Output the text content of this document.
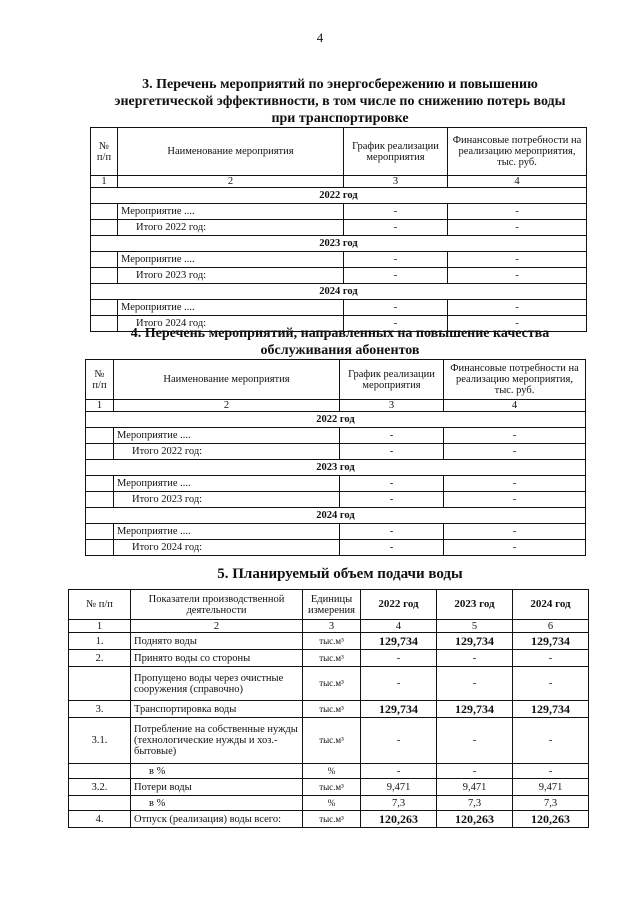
4
3. Перечень мероприятий по энергосбережению и повышению
энергетической эффективности, в том числе по снижению потерь воды
при транспортировке
№ п/п	Наименование мероприятия	График реализации мероприятия	Финансовые потребности на реализацию мероприятия, тыс. руб.
1	2	3	4
2022 год			
	Мероприятие ....	-	-
	Итого 2022 год:	-	-
2023 год			
	Мероприятие ....	-	-
	Итого 2023 год:	-	-
2024 год			
	Мероприятие ....	-	-
	Итого 2024 год:	-	-
4. Перечень мероприятий, направленных на повышение качества
обслуживания абонентов
№ п/п	Наименование мероприятия	График реализации мероприятия	Финансовые потребности на реализацию мероприятия, тыс. руб.
1	2	3	4
2022 год			
	Мероприятие ....	-	-
	Итого 2022 год:	-	-
2023 год			
	Мероприятие ....	-	-
	Итого 2023 год:	-	-
2024 год			
	Мероприятие ....	-	-
	Итого 2024 год:	-	-
5. Планируемый объем подачи воды
№ п/п	Показатели производственной деятельности	Единицы измерения	2022 год	2023 год	2024 год
1	2	3	4	5	6
1.	Поднято воды	тыс.м³	129,734	129,734	129,734
2.	Принято воды со стороны	тыс.м³	-	-	-
	Пропущено воды через очистные сооружения (справочно)	тыс.м³	-	-	-
3.	Транспортировка воды	тыс.м³	129,734	129,734	129,734
3.1.	Потребление на собственные нужды (технологические нужды и хоз.-бытовые)	тыс.м³	-	-	-
	в %	%	-	-	-
3.2.	Потери воды	тыс.м³	9,471	9,471	9,471
	в %	%	7,3	7,3	7,3
4.	Отпуск (реализация) воды всего:	тыс.м³	120,263	120,263	120,263
